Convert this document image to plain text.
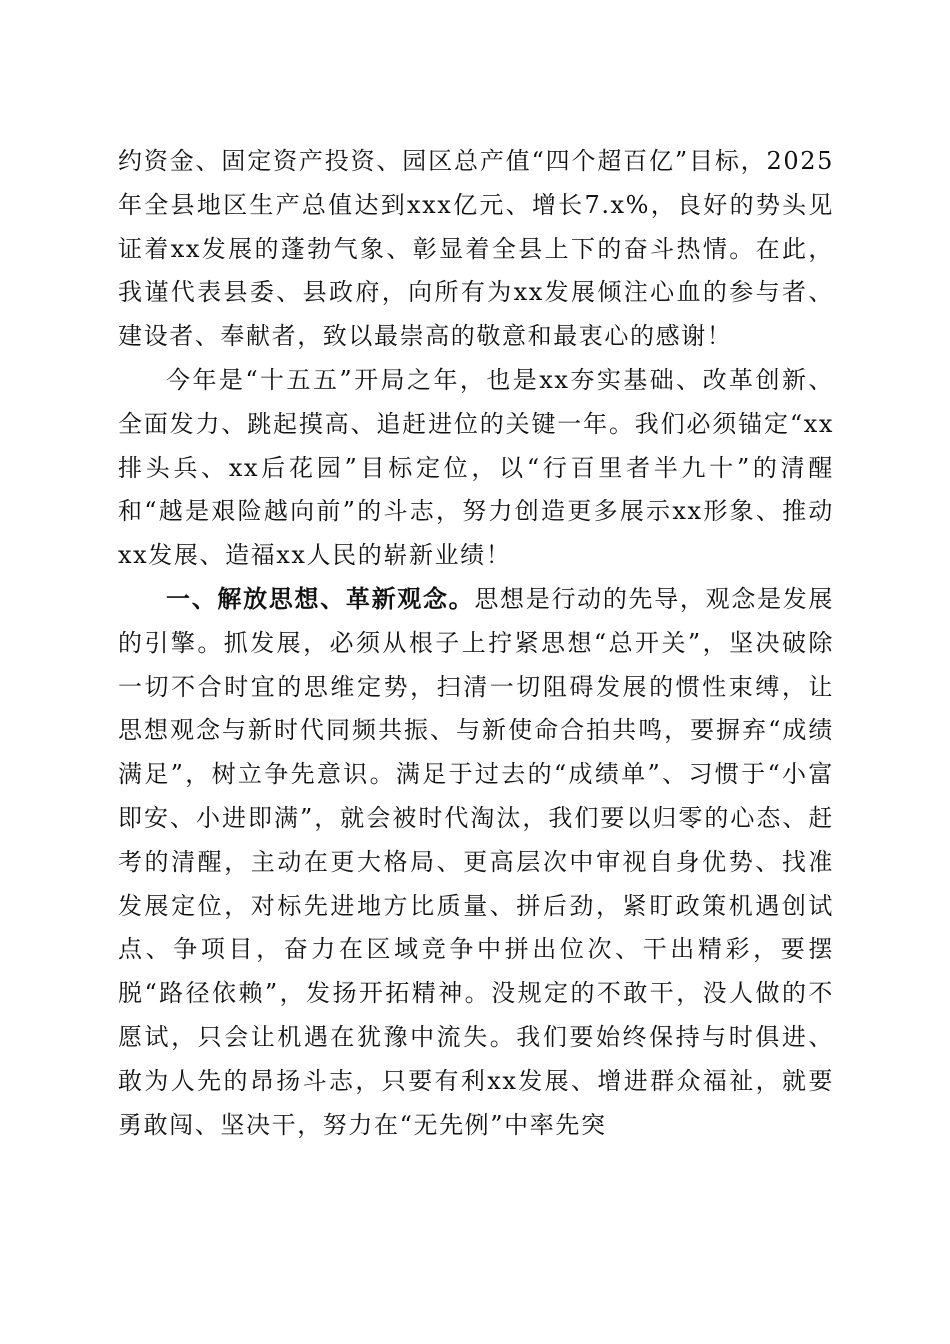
约资金、固定资产投资、园区总产值“四个超百亿”目标，2025年全县地区生产总值达到xxx亿元、增长7.x%，良好的势头见证着xx发展的蓬勃气象、彰显着全县上下的奋斗热情。在此，我谨代表县委、县政府，向所有为xx发展倾注心血的参与者、建设者、奉献者，致以最崇高的敬意和最衷心的感谢！

今年是“十五五”开局之年，也是xx夯实基础、改革创新、全面发力、跳起摸高、追赶进位的关键一年。我们必须锚定“xx排头兵、xx后花园”目标定位，以“行百里者半九十”的清醒和“越是艰险越向前”的斗志，努力创造更多展示xx形象、推动xx发展、造福xx人民的崭新业绩！

一、解放思想、革新观念。思想是行动的先导，观念是发展的引擎。抓发展，必须从根子上拧紧思想“总开关”，坚决破除一切不合时宜的思维定势，扫清一切阻碍发展的惯性束缚，让思想观念与新时代同频共振、与新使命合拍共鸣，要摒弃“成绩满足”，树立争先意识。满足于过去的“成绩单”、习惯于“小富即安、小进即满”，就会被时代淘汰，我们要以归零的心态、赶考的清醒，主动在更大格局、更高层次中审视自身优势、找准发展定位，对标先进地方比质量、拼后劲，紧盯政策机遇创试点、争项目，奋力在区域竞争中拼出位次、干出精彩，要摆脱“路径依赖”，发扬开拓精神。没规定的不敢干，没人做的不愿试，只会让机遇在犹豫中流失。我们要始终保持与时俱进、敢为人先的昂扬斗志，只要有利xx发展、增进群众福祉，就要勇敢闯、坚决干，努力在“无先例”中率先突
